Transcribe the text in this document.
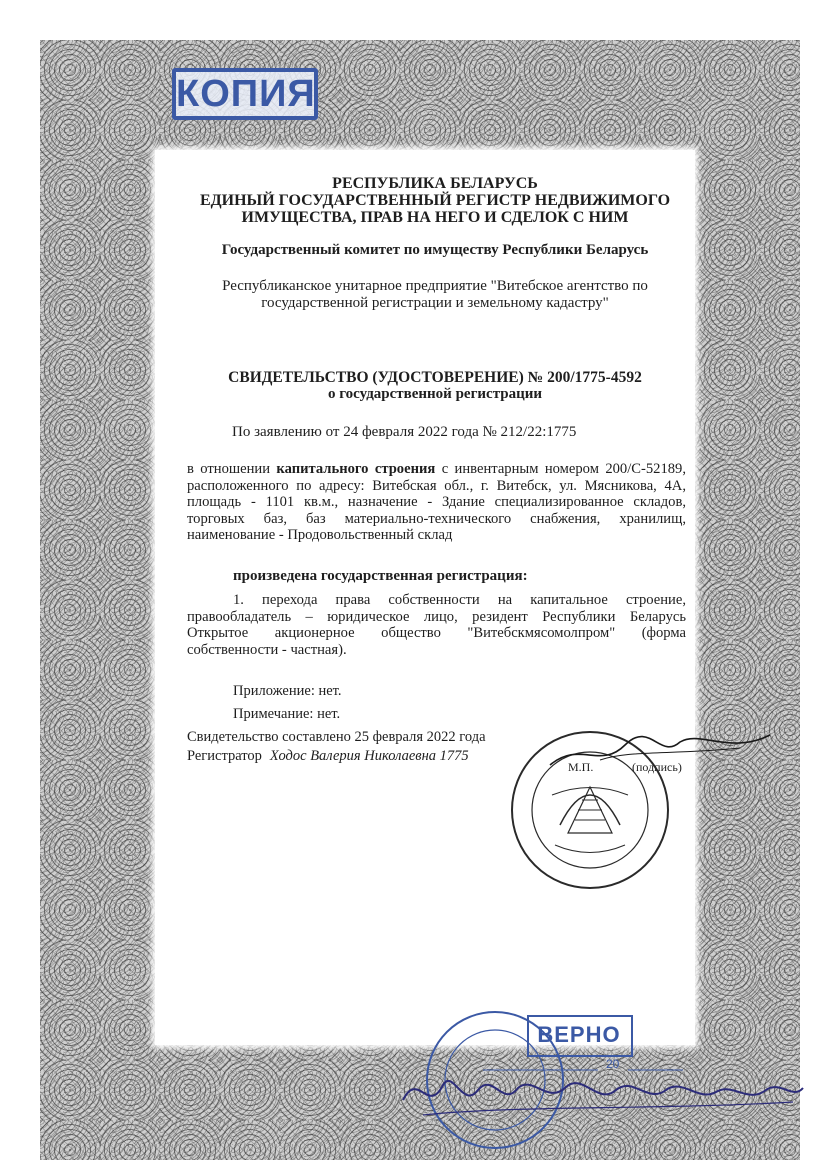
КОПИЯ
РЕСПУБЛИКА БЕЛАРУСЬ
ЕДИНЫЙ ГОСУДАРСТВЕННЫЙ РЕГИСТР НЕДВИЖИМОГО
ИМУЩЕСТВА, ПРАВ НА НЕГО И СДЕЛОК С НИМ
Государственный комитет по имуществу Республики Беларусь
Республиканское унитарное предприятие "Витебское агентство по государственной регистрации и земельному кадастру"
СВИДЕТЕЛЬСТВО (УДОСТОВЕРЕНИЕ) № 200/1775-4592
о государственной регистрации
По заявлению от 24 февраля 2022 года № 212/22:1775
в отношении капитального строения с инвентарным номером 200/С-52189, расположенного по адресу: Витебская обл., г. Витебск, ул. Мясникова, 4А, площадь - 1101 кв.м., назначение - Здание специализированное складов, торговых баз, баз материально-технического снабжения, хранилищ, наименование - Продовольственный склад
произведена государственная регистрация:
1. перехода права собственности на капитальное строение, правообладатель – юридическое лицо, резидент Республики Беларусь Открытое акционерное общество "Витебскмясомолпром" (форма собственности - частная).
Приложение: нет.
Примечание: нет.
Свидетельство составлено 25 февраля 2022 года
Регистратор Ходос Валерия Николаевна 1775
М.П.	(подпись)
ВЕРНО
20
